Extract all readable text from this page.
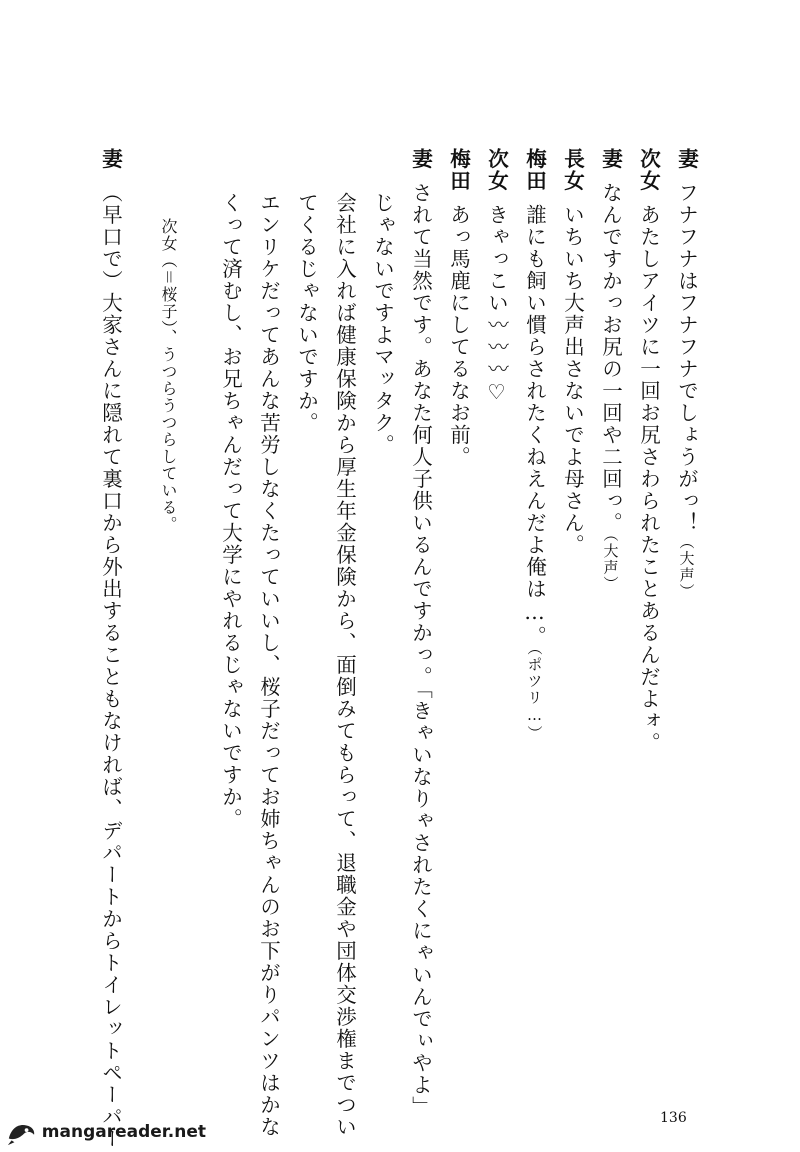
妻フナフナはフナフナでしょうがっ！（大声）
次女あたしアイツに一回お尻さわられたことあるんだよォ。
妻なんですかっお尻の一回や二回っ。（大声）
長女いちいち大声出さないでよ母さん。
梅田誰にも飼い慣らされたくねえんだよ俺は…。（ポツリ…）
次女きゃっこい〰〰〰♡
梅田あっ馬鹿にしてるなお前。
妻されて当然です。あなた何人子供いるんですかっ。「きゃいなりゃされたくにゃいんでぃやよ」
じゃないですよマッタク。
会社に入れば健康保険から厚生年金保険から、面倒みてもらって、退職金や団体交渉権までつい
てくるじゃないですか。
エンリケだってあんな苦労しなくたっていいし、桜子だってお姉ちゃんのお下がりパンツはかな
くって済むし、お兄ちゃんだって大学にやれるじゃないですか。
次女（＝桜子）、うつらうつらしている。
妻（早口で）大家さんに隠れて裏口から外出することもなければ、デパートからトイレットペーパー	136
mangareader.net
